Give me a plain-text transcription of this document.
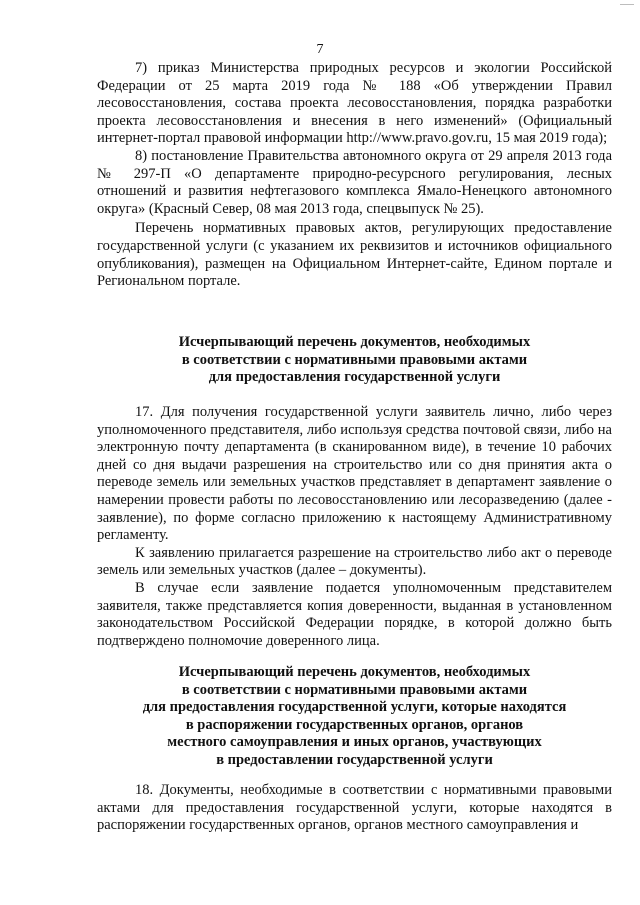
7

7) приказ Министерства природных ресурсов и экологии Российской Федерации от 25 марта 2019 года № 188 «Об утверждении Правил лесовосстановления, состава проекта лесовосстановления, порядка разработки проекта лесовосстановления и внесения в него изменений» (Официальный интернет-портал правовой информации http://www.pravo.gov.ru, 15 мая 2019 года);

8) постановление Правительства автономного округа от 29 апреля 2013 года № 297-П «О департаменте природно-ресурсного регулирования, лесных отношений и развития нефтегазового комплекса Ямало-Ненецкого автономного округа» (Красный Север, 08 мая 2013 года, спецвыпуск № 25).

Перечень нормативных правовых актов, регулирующих предоставление государственной услуги (с указанием их реквизитов и источников официального опубликования), размещен на Официальном Интернет-сайте, Едином портале и Региональном портале.

Исчерпывающий перечень документов, необходимых
в соответствии с нормативными правовыми актами
для предоставления государственной услуги

17. Для получения государственной услуги заявитель лично, либо через уполномоченного представителя, либо используя средства почтовой связи, либо на электронную почту департамента (в сканированном виде), в течение 10 рабочих дней со дня выдачи разрешения на строительство или со дня принятия акта о переводе земель или земельных участков представляет в департамент заявление о намерении провести работы по лесовосстановлению или лесоразведению (далее - заявление), по форме согласно приложению к настоящему Административному регламенту.

К заявлению прилагается разрешение на строительство либо акт о переводе земель или земельных участков (далее – документы).

В случае если заявление подается уполномоченным представителем заявителя, также представляется копия доверенности, выданная в установленном законодательством Российской Федерации порядке, в которой должно быть подтверждено полномочие доверенного лица.

Исчерпывающий перечень документов, необходимых
в соответствии с нормативными правовыми актами
для предоставления государственной услуги, которые находятся
в распоряжении государственных органов, органов
местного самоуправления и иных органов, участвующих
в предоставлении государственной услуги

18. Документы, необходимые в соответствии с нормативными правовыми актами для предоставления государственной услуги, которые находятся в распоряжении государственных органов, органов местного самоуправления и
